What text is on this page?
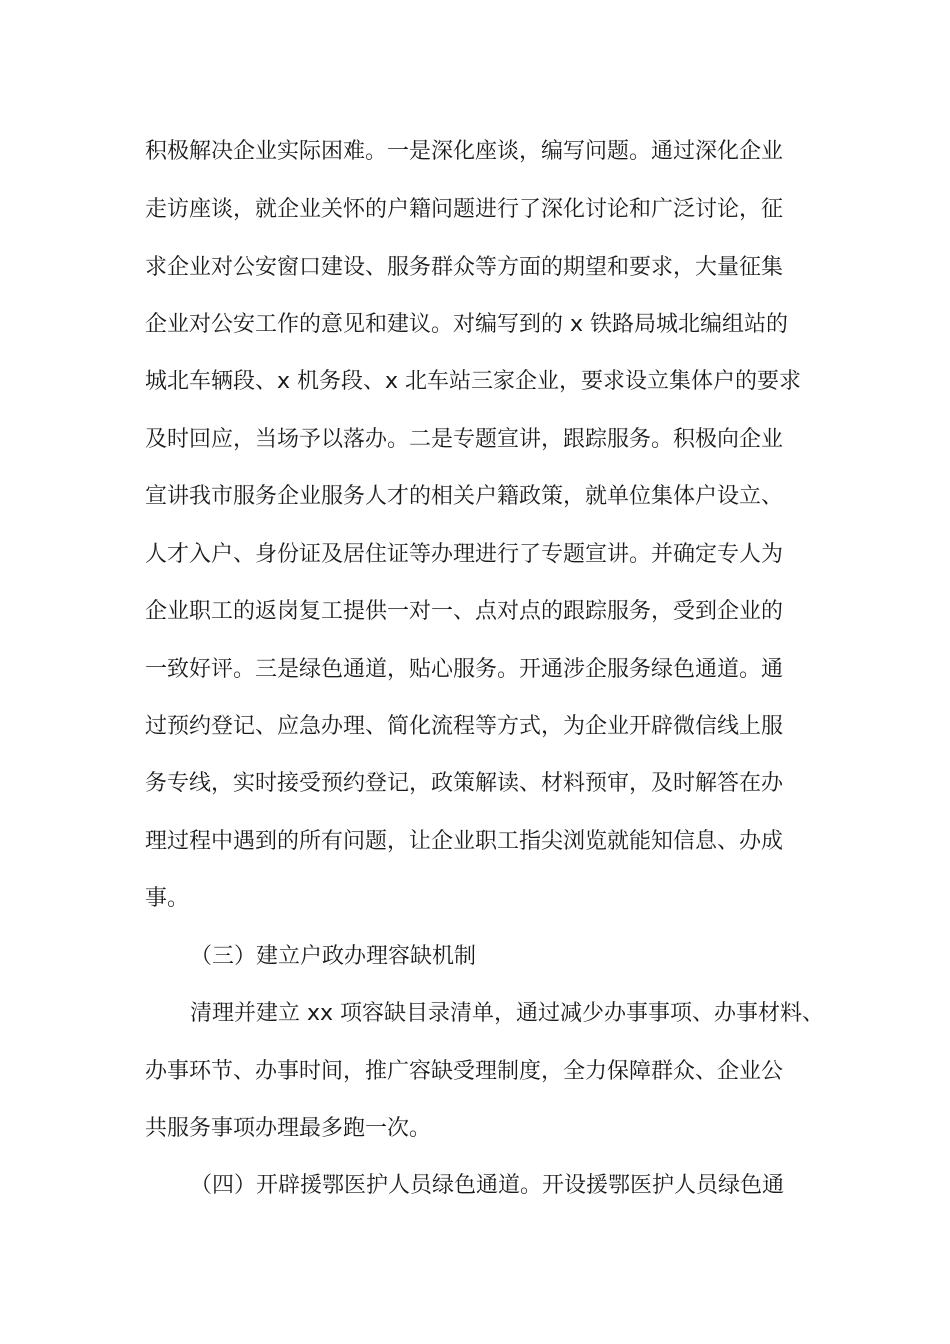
积极解决企业实际困难。一是深化座谈，编写问题。通过深化企业
走访座谈，就企业关怀的户籍问题进行了深化讨论和广泛讨论，征
求企业对公安窗口建设、服务群众等方面的期望和要求，大量征集
企业对公安工作的意见和建议。对编写到的 x 铁路局城北编组站的
城北车辆段、x 机务段、x 北车站三家企业，要求设立集体户的要求
及时回应，当场予以落办。二是专题宣讲，跟踪服务。积极向企业
宣讲我市服务企业服务人才的相关户籍政策，就单位集体户设立、
人才入户、身份证及居住证等办理进行了专题宣讲。并确定专人为
企业职工的返岗复工提供一对一、点对点的跟踪服务，受到企业的
一致好评。三是绿色通道，贴心服务。开通涉企服务绿色通道。通
过预约登记、应急办理、简化流程等方式，为企业开辟微信线上服
务专线，实时接受预约登记，政策解读、材料预审，及时解答在办
理过程中遇到的所有问题，让企业职工指尖浏览就能知信息、办成
事。
（三）建立户政办理容缺机制
清理并建立 xx 项容缺目录清单，通过减少办事事项、办事材料、
办事环节、办事时间，推广容缺受理制度，全力保障群众、企业公
共服务事项办理最多跑一次。
（四）开辟援鄂医护人员绿色通道。开设援鄂医护人员绿色通
